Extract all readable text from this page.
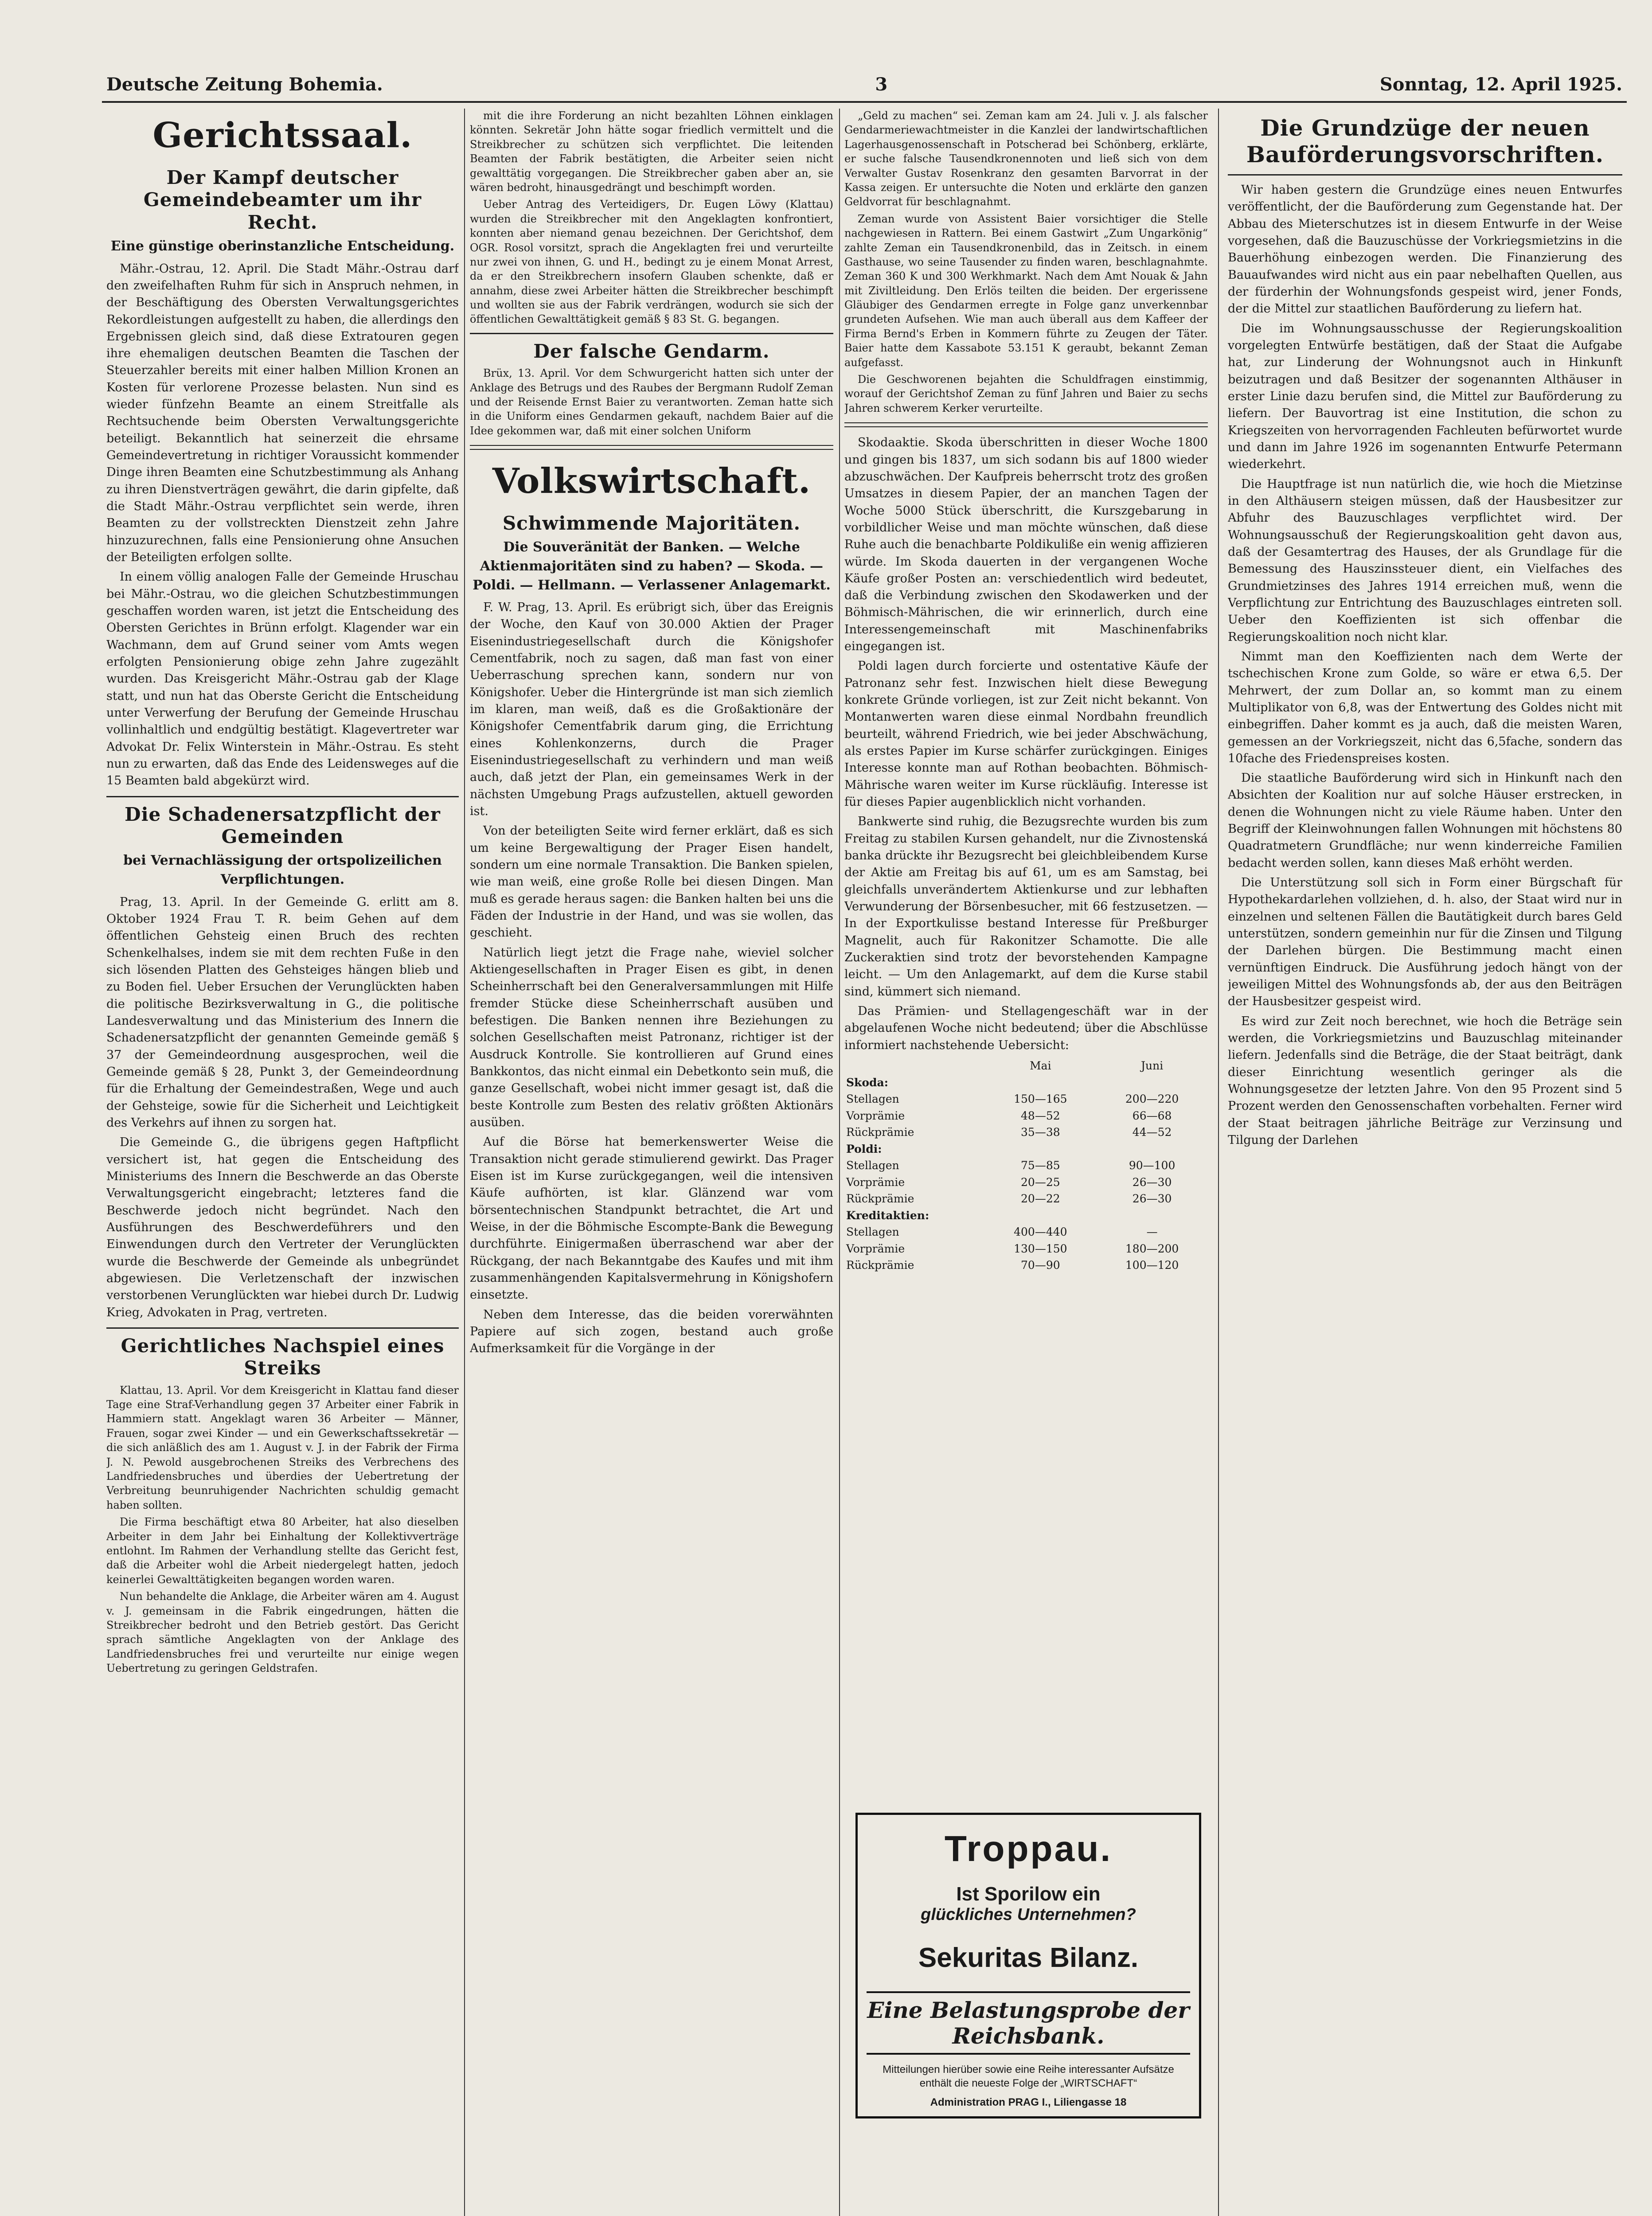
Deutsche Zeitung Bohemia.	3	Sonntag, 12. April 1925.
Gerichtssaal.
Der Kampf deutscher Gemeindebeamter um ihr Recht.
Eine günstige oberinstanzliche Entscheidung.

Mähr.-Ostrau, 12. April. Die Stadt Mähr.-Ostrau darf den zweifelhaften Ruhm für sich in Anspruch nehmen, in der Beschäftigung des Obersten Verwaltungsgerichtes Rekordleistungen aufgestellt zu haben, die allerdings den Ergebnissen gleich sind, daß diese Extratouren gegen ihre ehemaligen deutschen Beamten die Taschen der Steuerzahler bereits mit einer halben Million Kronen an Kosten für verlorene Prozesse belasten. Nun sind es wieder fünfzehn Beamte an einem Streitfalle als Rechtsuchende beim Obersten Verwaltungsgerichte beteiligt. Bekanntlich hat seinerzeit die ehrsame Gemeindevertretung in richtiger Voraussicht kommender Dinge ihren Beamten eine Schutzbestimmung als Anhang zu ihren Dienstverträgen gewährt, die darin gipfelte, daß die Stadt Mähr.-Ostrau verpflichtet sein werde, ihren Beamten zu der vollstreckten Dienstzeit zehn Jahre hinzuzurechnen, falls eine Pensionierung ohne Ansuchen der Beteiligten erfolgen sollte.

In einem völlig analogen Falle der Gemeinde Hruschau bei Mähr.-Ostrau, wo die gleichen Schutzbestimmungen geschaffen worden waren, ist jetzt die Entscheidung des Obersten Gerichtes in Brünn erfolgt. Klagender war ein Wachmann, dem auf Grund seiner vom Amts wegen erfolgten Pensionierung obige zehn Jahre zugezählt wurden. Das Kreisgericht Mähr.-Ostrau gab der Klage statt, und nun hat das Oberste Gericht die Entscheidung unter Verwerfung der Berufung der Gemeinde Hruschau vollinhaltlich und endgültig bestätigt. Klagevertreter war Advokat Dr. Felix Winterstein in Mähr.-Ostrau. Es steht nun zu erwarten, daß das Ende des Leidensweges auf die 15 Beamten bald abgekürzt wird.

Die Schadenersatzpflicht der Gemeinden
bei Vernachlässigung der ortspolizeilichen Verpflichtungen.

Prag, 13. April. In der Gemeinde G. erlitt am 8. Oktober 1924 Frau T. R. beim Gehen auf dem öffentlichen Gehsteig einen Bruch des rechten Schenkelhalses, indem sie mit dem rechten Fuße in den sich lösenden Platten des Gehsteiges hängen blieb und zu Boden fiel. Ueber Ersuchen der Verunglückten haben die politische Bezirksverwaltung in G., die politische Landesverwaltung und das Ministerium des Innern die Schadenersatzpflicht der genannten Gemeinde gemäß § 37 der Gemeindeordnung ausgesprochen, weil die Gemeinde gemäß § 28, Punkt 3, der Gemeindeordnung für die Erhaltung der Gemeindestraßen, Wege und auch der Gehsteige, sowie für die Sicherheit und Leichtigkeit des Verkehrs auf ihnen zu sorgen hat.

Die Gemeinde G., die übrigens gegen Haftpflicht versichert ist, hat gegen die Entscheidung des Ministeriums des Innern die Beschwerde an das Oberste Verwaltungsgericht eingebracht; letzteres fand die Beschwerde jedoch nicht begründet. Nach den Ausführungen des Beschwerdeführers und den Einwendungen durch den Vertreter der Verunglückten wurde die Beschwerde der Gemeinde als unbegründet abgewiesen. Die Verletzenschaft der inzwischen verstorbenen Verunglückten war hiebei durch Dr. Ludwig Krieg, Advokaten in Prag, vertreten.

Gerichtliches Nachspiel eines Streiks

Klattau, 13. April. Vor dem Kreisgericht in Klattau fand dieser Tage eine Straf-Verhandlung gegen 37 Arbeiter einer Fabrik in Hammiern statt. Angeklagt waren 36 Arbeiter — Männer, Frauen, sogar zwei Kinder — und ein Gewerkschaftssekretär — die sich anläßlich des am 1. August v. J. in der Fabrik der Firma J. N. Pewold ausgebrochenen Streiks des Verbrechens des Landfriedensbruches und überdies der Uebertretung der Verbreitung beunruhigender Nachrichten schuldig gemacht haben sollten.

Die Firma beschäftigt etwa 80 Arbeiter, hat also dieselben Arbeiter in dem Jahr bei Einhaltung der Kollektivverträge entlohnt. Im Rahmen der Verhandlung stellte das Gericht fest, daß die Arbeiter wohl die Arbeit niedergelegt hatten, jedoch keinerlei Gewalttätigkeiten begangen worden waren.

Nun behandelte die Anklage, die Arbeiter wären am 4. August v. J. gemeinsam in die Fabrik eingedrungen, hätten die Streikbrecher bedroht und den Betrieb gestört. Das Gericht sprach sämtliche Angeklagten von der Anklage des Landfriedensbruches frei und verurteilte nur einige wegen Uebertretung zu geringen Geldstrafen.

mit die ihre Forderung an nicht bezahlten Löhnen einklagen könnten. Sekretär John hätte sogar friedlich vermittelt und die Streikbrecher zu schützen sich verpflichtet. Die leitenden Beamten der Fabrik bestätigten, die Arbeiter seien nicht gewalttätig vorgegangen. Die Streikbrecher gaben aber an, sie wären bedroht, hinausgedrängt und beschimpft worden.

Ueber Antrag des Verteidigers, Dr. Eugen Löwy (Klattau) wurden die Streikbrecher mit den Angeklagten konfrontiert, konnten aber niemand genau bezeichnen. Der Gerichtshof, dem OGR. Rosol vorsitzt, sprach die Angeklagten frei und verurteilte nur zwei von ihnen, G. und H., bedingt zu je einem Monat Arrest, da er den Streikbrechern insofern Glauben schenkte, daß er annahm, diese zwei Arbeiter hätten die Streikbrecher beschimpft und wollten sie aus der Fabrik verdrängen, wodurch sie sich der öffentlichen Gewalttätigkeit gemäß § 83 St. G. begangen.

Der falsche Gendarm.

Brüx, 13. April. Vor dem Schwurgericht hatten sich unter der Anklage des Betrugs und des Raubes der Bergmann Rudolf Zeman und der Reisende Ernst Baier zu verantworten. Zeman hatte sich in die Uniform eines Gendarmen gekauft, nachdem Baier auf die Idee gekommen war, daß mit einer solchen Uniform

Volkswirtschaft.
Schwimmende Majoritäten.
Die Souveränität der Banken. — Welche Aktienmajoritäten sind zu haben? — Skoda. — Poldi. — Hellmann. — Verlassener Anlagemarkt.

F. W. Prag, 13. April. Es erübrigt sich, über das Ereignis der Woche, den Kauf von 30.000 Aktien der Prager Eisenindustriegesellschaft durch die Königshofer Cementfabrik, noch zu sagen, daß man fast von einer Ueberraschung sprechen kann, sondern nur von Königshofer. Ueber die Hintergründe ist man sich ziemlich im klaren, man weiß, daß es die Großaktionäre der Königshofer Cementfabrik darum ging, die Errichtung eines Kohlenkonzerns, durch die Prager Eisenindustriegesellschaft zu verhindern und man weiß auch, daß jetzt der Plan, ein gemeinsames Werk in der nächsten Umgebung Prags aufzustellen, aktuell geworden ist.

Von der beteiligten Seite wird ferner erklärt, daß es sich um keine Bergewaltigung der Prager Eisen handelt, sondern um eine normale Transaktion. Die Banken spielen, wie man weiß, eine große Rolle bei diesen Dingen. Man muß es gerade heraus sagen: die Banken halten bei uns die Fäden der Industrie in der Hand, und was sie wollen, das geschieht.

Natürlich liegt jetzt die Frage nahe, wieviel solcher Aktiengesellschaften in Prager Eisen es gibt, in denen Scheinherrschaft bei den Generalversammlungen mit Hilfe fremder Stücke diese Scheinherrschaft ausüben und befestigen. Die Banken nennen ihre Beziehungen zu solchen Gesellschaften meist Patronanz, richtiger ist der Ausdruck Kontrolle. Sie kontrollieren auf Grund eines Bankkontos, das nicht einmal ein Debetkonto sein muß, die ganze Gesellschaft, wobei nicht immer gesagt ist, daß die beste Kontrolle zum Besten des relativ größten Aktionärs ausüben.

Auf die Börse hat bemerkenswerter Weise die Transaktion nicht gerade stimulierend gewirkt. Das Prager Eisen ist im Kurse zurückgegangen, weil die intensiven Käufe aufhörten, ist klar. Glänzend war vom börsentechnischen Standpunkt betrachtet, die Art und Weise, in der die Böhmische Escompte-Bank die Bewegung durchführte. Einigermaßen überraschend war aber der Rückgang, der nach Bekanntgabe des Kaufes und mit ihm zusammenhängenden Kapitalsvermehrung in Königshofern einsetzte.

Neben dem Interesse, das die beiden vorerwähnten Papiere auf sich zogen, bestand auch große Aufmerksamkeit für die Vorgänge in der

„Geld zu machen“ sei. Zeman kam am 24. Juli v. J. als falscher Gendarmeriewachtmeister in die Kanzlei der landwirtschaftlichen Lagerhausgenossenschaft in Potscherad bei Schönberg, erklärte, er suche falsche Tausendkronennoten und ließ sich von dem Verwalter Gustav Rosenkranz den gesamten Barvorrat in der Kassa zeigen. Er untersuchte die Noten und erklärte den ganzen Geldvorrat für beschlagnahmt.

Zeman wurde von Assistent Baier vorsichtiger die Stelle nachgewiesen in Rattern. Bei einem Gastwirt „Zum Ungarkönig“ zahlte Zeman ein Tausendkronenbild, das in Zeitsch. in einem Gasthause, wo seine Tausender zu finden waren, beschlagnahmte. Zeman 360 K und 300 Werkhmarkt. Nach dem Amt Nouak & Jahn mit Ziviltleidung. Den Erlös teilten die beiden. Der ergerissene Gläubiger des Gendarmen erregte in Folge ganz unverkennbar grundeten Aufsehen. Wie man auch überall aus dem Kaffeer der Firma Bernd's Erben in Kommern führte zu Zeugen der Täter. Baier hatte dem Kassabote 53.151 K geraubt, bekannt Zeman aufgefasst.

Die Geschworenen bejahten die Schuldfragen einstimmig, worauf der Gerichtshof Zeman zu fünf Jahren und Baier zu sechs Jahren schwerem Kerker verurteilte.

Skodaaktie. Skoda überschritten in dieser Woche 1800 und gingen bis 1837, um sich sodann bis auf 1800 wieder abzuschwächen. Der Kaufpreis beherrscht trotz des großen Umsatzes in diesem Papier, der an manchen Tagen der Woche 5000 Stück überschritt, die Kurszgebarung in vorbildlicher Weise und man möchte wünschen, daß diese Ruhe auch die benachbarte Poldikuliße ein wenig affizieren würde. Im Skoda dauerten in der vergangenen Woche Käufe großer Posten an: verschiedentlich wird bedeutet, daß die Verbindung zwischen den Skodawerken und der Böhmisch-Mährischen, die wir erinnerlich, durch eine Interessengemeinschaft mit Maschinenfabriks eingegangen ist.

Poldi lagen durch forcierte und ostentative Käufe der Patronanz sehr fest. Inzwischen hielt diese Bewegung konkrete Gründe vorliegen, ist zur Zeit nicht bekannt. Von Montanwerten waren diese einmal Nordbahn freundlich beurteilt, während Friedrich, wie bei jeder Abschwächung, als erstes Papier im Kurse schärfer zurückgingen. Einiges Interesse konnte man auf Rothan beobachten. Böhmisch-Mährische waren weiter im Kurse rückläufig. Interesse ist für dieses Papier augenblicklich nicht vorhanden.

Bankwerte sind ruhig, die Bezugsrechte wurden bis zum Freitag zu stabilen Kursen gehandelt, nur die Zivnostenská banka drückte ihr Bezugsrecht bei gleichbleibendem Kurse der Aktie am Freitag bis auf 61, um es am Samstag, bei gleichfalls unverändertem Aktienkurse und zur lebhaften Verwunderung der Börsenbesucher, mit 66 festzusetzen. — In der Exportkulisse bestand Interesse für Preßburger Magnelit, auch für Rakonitzer Schamotte. Die alle Zuckeraktien sind trotz der bevorstehenden Kampagne leicht. — Um den Anlagemarkt, auf dem die Kurse stabil sind, kümmert sich niemand.

Das Prämien- und Stellagengeschäft war in der abgelaufenen Woche nicht bedeutend; über die Abschlüsse informiert nachstehende Uebersicht:

	Mai	Juni
Skoda:		
Stellagen	150—165	200—220
Vorprämie	48—52	66—68
Rückprämie	35—38	44—52
Poldi:		
Stellagen	75—85	90—100
Vorprämie	20—25	26—30
Rückprämie	20—22	26—30
Kreditaktien:		
Stellagen	400—440	—
Vorprämie	130—150	180—200
Rückprämie	70—90	100—120
Troppau.
Ist Sporilow ein
glückliches Unternehmen?
Sekuritas Bilanz.
Eine Belastungsprobe der Reichsbank.
Mitteilungen hierüber sowie eine Reihe interessanter Aufsätze enthält die neueste Folge der „WIRTSCHAFT“
Administration PRAG I., Liliengasse 18
Die Grundzüge der neuen Bauförderungsvorschriften.

Wir haben gestern die Grundzüge eines neuen Entwurfes veröffentlicht, der die Bauförderung zum Gegenstande hat. Der Abbau des Mieterschutzes ist in diesem Entwurfe in der Weise vorgesehen, daß die Bauzuschüsse der Vorkriegsmietzins in die Bauerhöhung einbezogen werden. Die Finanzierung des Bauaufwandes wird nicht aus ein paar nebelhaften Quellen, aus der fürderhin der Wohnungsfonds gespeist wird, jener Fonds, der die Mittel zur staatlichen Bauförderung zu liefern hat.

Die im Wohnungsausschusse der Regierungskoalition vorgelegten Entwürfe bestätigen, daß der Staat die Aufgabe hat, zur Linderung der Wohnungsnot auch in Hinkunft beizutragen und daß Besitzer der sogenannten Althäuser in erster Linie dazu berufen sind, die Mittel zur Bauförderung zu liefern. Der Bauvortrag ist eine Institution, die schon zu Kriegszeiten von hervorragenden Fachleuten befürwortet wurde und dann im Jahre 1926 im sogenannten Entwurfe Petermann wiederkehrt.

Die Hauptfrage ist nun natürlich die, wie hoch die Mietzinse in den Althäusern steigen müssen, daß der Hausbesitzer zur Abfuhr des Bauzuschlages verpflichtet wird. Der Wohnungsausschuß der Regierungskoalition geht davon aus, daß der Gesamtertrag des Hauses, der als Grundlage für die Bemessung des Hauszinssteuer dient, ein Vielfaches des Grundmietzinses des Jahres 1914 erreichen muß, wenn die Verpflichtung zur Entrichtung des Bauzuschlages eintreten soll. Ueber den Koeffizienten ist sich offenbar die Regierungskoalition noch nicht klar.

Nimmt man den Koeffizienten nach dem Werte der tschechischen Krone zum Golde, so wäre er etwa 6,5. Der Mehrwert, der zum Dollar an, so kommt man zu einem Multiplikator von 6,8, was der Entwertung des Goldes nicht mit einbegriffen. Daher kommt es ja auch, daß die meisten Waren, gemessen an der Vorkriegszeit, nicht das 6,5fache, sondern das 10fache des Friedenspreises kosten.

Die staatliche Bauförderung wird sich in Hinkunft nach den Absichten der Koalition nur auf solche Häuser erstrecken, in denen die Wohnungen nicht zu viele Räume haben. Unter den Begriff der Kleinwohnungen fallen Wohnungen mit höchstens 80 Quadratmetern Grundfläche; nur wenn kinderreiche Familien bedacht werden sollen, kann dieses Maß erhöht werden.

Die Unterstützung soll sich in Form einer Bürgschaft für Hypothekardarlehen vollziehen, d. h. also, der Staat wird nur in einzelnen und seltenen Fällen die Bautätigkeit durch bares Geld unterstützen, sondern gemeinhin nur für die Zinsen und Tilgung der Darlehen bürgen. Die Bestimmung macht einen vernünftigen Eindruck. Die Ausführung jedoch hängt von der jeweiligen Mittel des Wohnungsfonds ab, der aus den Beiträgen der Hausbesitzer gespeist wird.

Es wird zur Zeit noch berechnet, wie hoch die Beträge sein werden, die Vorkriegsmietzins und Bauzuschlag miteinander liefern. Jedenfalls sind die Beträge, die der Staat beiträgt, dank dieser Einrichtung wesentlich geringer als die Wohnungsgesetze der letzten Jahre. Von den 95 Prozent sind 5 Prozent werden den Genossenschaften vorbehalten. Ferner wird der Staat beitragen jährliche Beiträge zur Verzinsung und Tilgung der Darlehen
